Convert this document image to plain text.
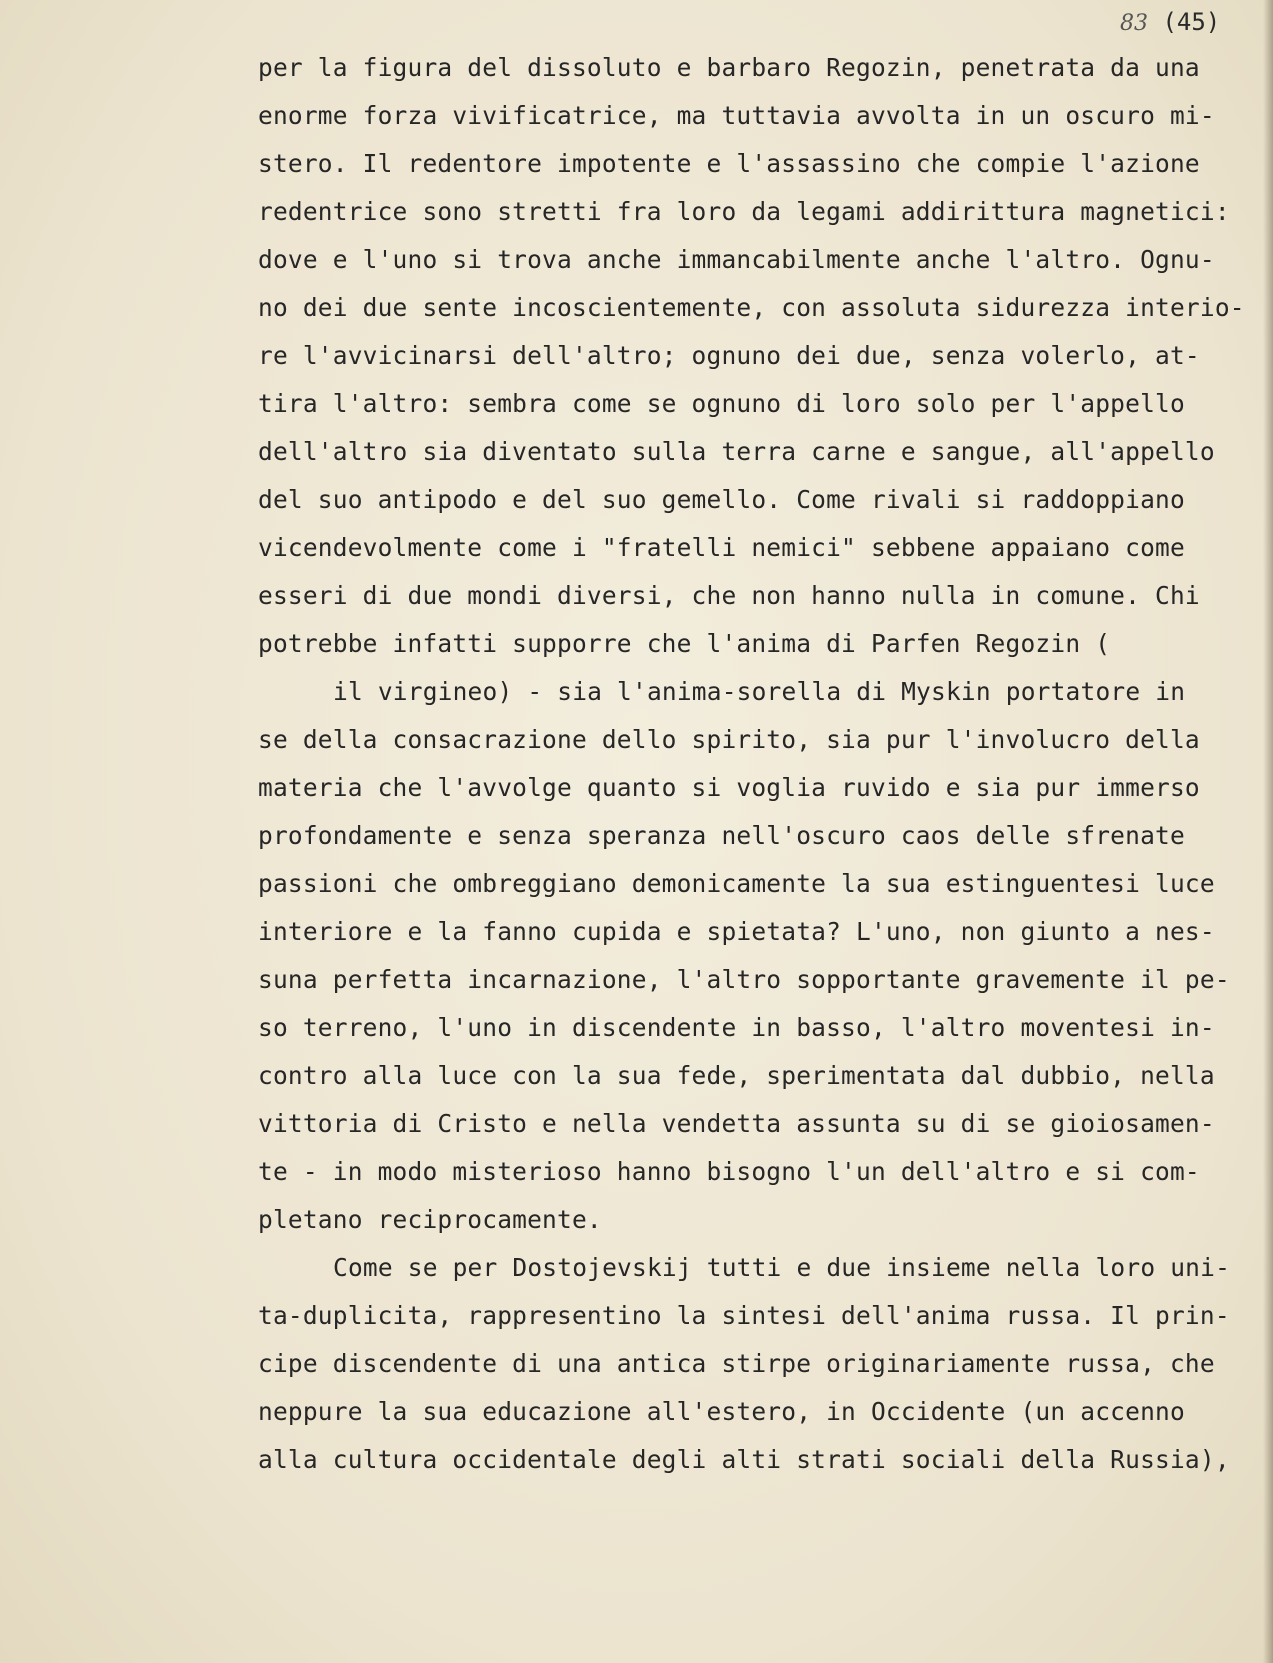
83 (45)
per la figura del dissoluto e barbaro Regozin, penetrata da una
enorme forza vivificatrice, ma tuttavia avvolta in un oscuro mi-
stero. Il redentore impotente e l'assassino che compie l'azione
redentrice sono stretti fra loro da legami addirittura magnetici:
dove e l'uno si trova anche immancabilmente anche l'altro. Ognu-
no dei due sente incoscientemente, con assoluta sidurezza interio-
re l'avvicinarsi dell'altro; ognuno dei due, senza volerlo, at-
tira l'altro: sembra come se ognuno di loro solo per l'appello
dell'altro sia diventato sulla terra carne e sangue, all'appello
del suo antipodo e del suo gemello. Come rivali si raddoppiano
vicendevolmente come i "fratelli nemici" sebbene appaiano come
esseri di due mondi diversi, che non hanno nulla in comune. Chi
potrebbe infatti supporre che l'anima di Parfen Regozin (
il virgineo) - sia l'anima-sorella di Myskin portatore in
se della consacrazione dello spirito, sia pur l'involucro della
materia che l'avvolge quanto si voglia ruvido e sia pur immerso
profondamente e senza speranza nell'oscuro caos delle sfrenate
passioni che ombreggiano demonicamente la sua estinguentesi luce
interiore e la fanno cupida e spietata? L'uno, non giunto a nes-
suna perfetta incarnazione, l'altro sopportante gravemente il pe-
so terreno, l'uno in discendente in basso, l'altro moventesi in-
contro alla luce con la sua fede, sperimentata dal dubbio, nella
vittoria di Cristo e nella vendetta assunta su di se gioiosamen-
te - in modo misterioso hanno bisogno l'un dell'altro e si com-
pletano reciprocamente.
Come se per Dostojevskij tutti e due insieme nella loro uni-
ta-duplicita, rappresentino la sintesi dell'anima russa. Il prin-
cipe discendente di una antica stirpe originariamente russa, che
neppure la sua educazione all'estero, in Occidente (un accenno
alla cultura occidentale degli alti strati sociali della Russia),
